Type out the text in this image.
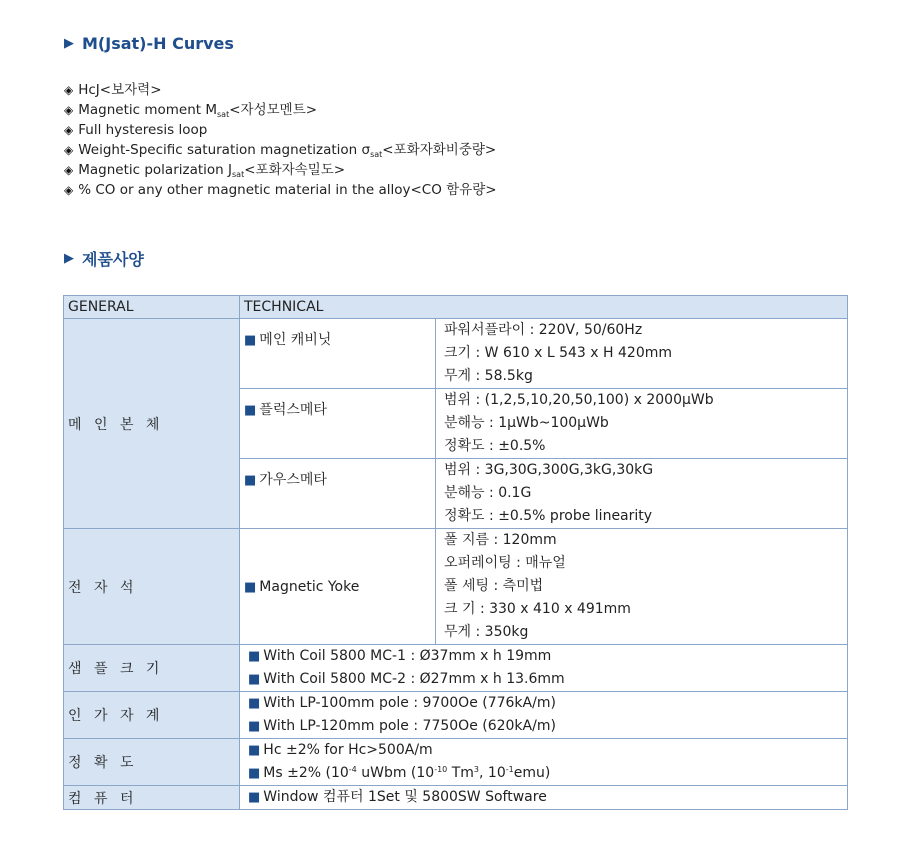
▶ M(Jsat)-H Curves
◈ HcJ<보자력>
◈ Magnetic moment $M_{sat}<$자성모멘트>
◈ Full hysteresis loop
◈ Weight-Specific saturation magnetization $\sigma_{sat}<$포화자화비중량>
◈ Magnetic polarization $J_{sat}<$포화자속밀도>
◈ % CO or any other magnetic material in the alloy<CO 함유량>
▶ 제품사양
GENERAL	TECHNICAL	
메 인 본 체	■ 메인 캐비닛	파워서플라이 : 220V, 50/60Hz
크기 : W 610 x L 543 x H 420mm
무게 : 58.5kg

	■ 플럭스메타	범위 : (1,2,5,10,20,50,100) x 2000μWb
분해능 : 1μWb~100μWb
정확도 : ±0.5%

	■ 가우스메타	범위 : 3G,30G,300G,3kG,30kG
분해능 : 0.1G
정확도 : ±0.5% probe linearity

전 자 석	■ Magnetic Yoke	폴 지름 : 120mm
오퍼레이팅 : 매뉴얼
폴 세팅 : 측미법
크 기 : 330 x 410 x 491mm
무게 : 350kg

샘 플 크 기	■ With Coil 5800 MC-1 : Ø37mm x h 19mm
■ With Coil 5800 MC-2 : Ø27mm x h 13.6mm	

인 가 자 계	■ With LP-100mm pole : 9700Oe (776kA/m)
■ With LP-120mm pole : 7750Oe (620kA/m)	

정 확 도	■ Hc ±2% for Hc>500A/m
■ Ms ±2% ($10^{-4}$ uWbm ($10^{-10}$ Tm$^3$, $10^{-1}emu$)	

컴 퓨 터	■ Window 컴퓨터 1Set 및 5800SW Software	
